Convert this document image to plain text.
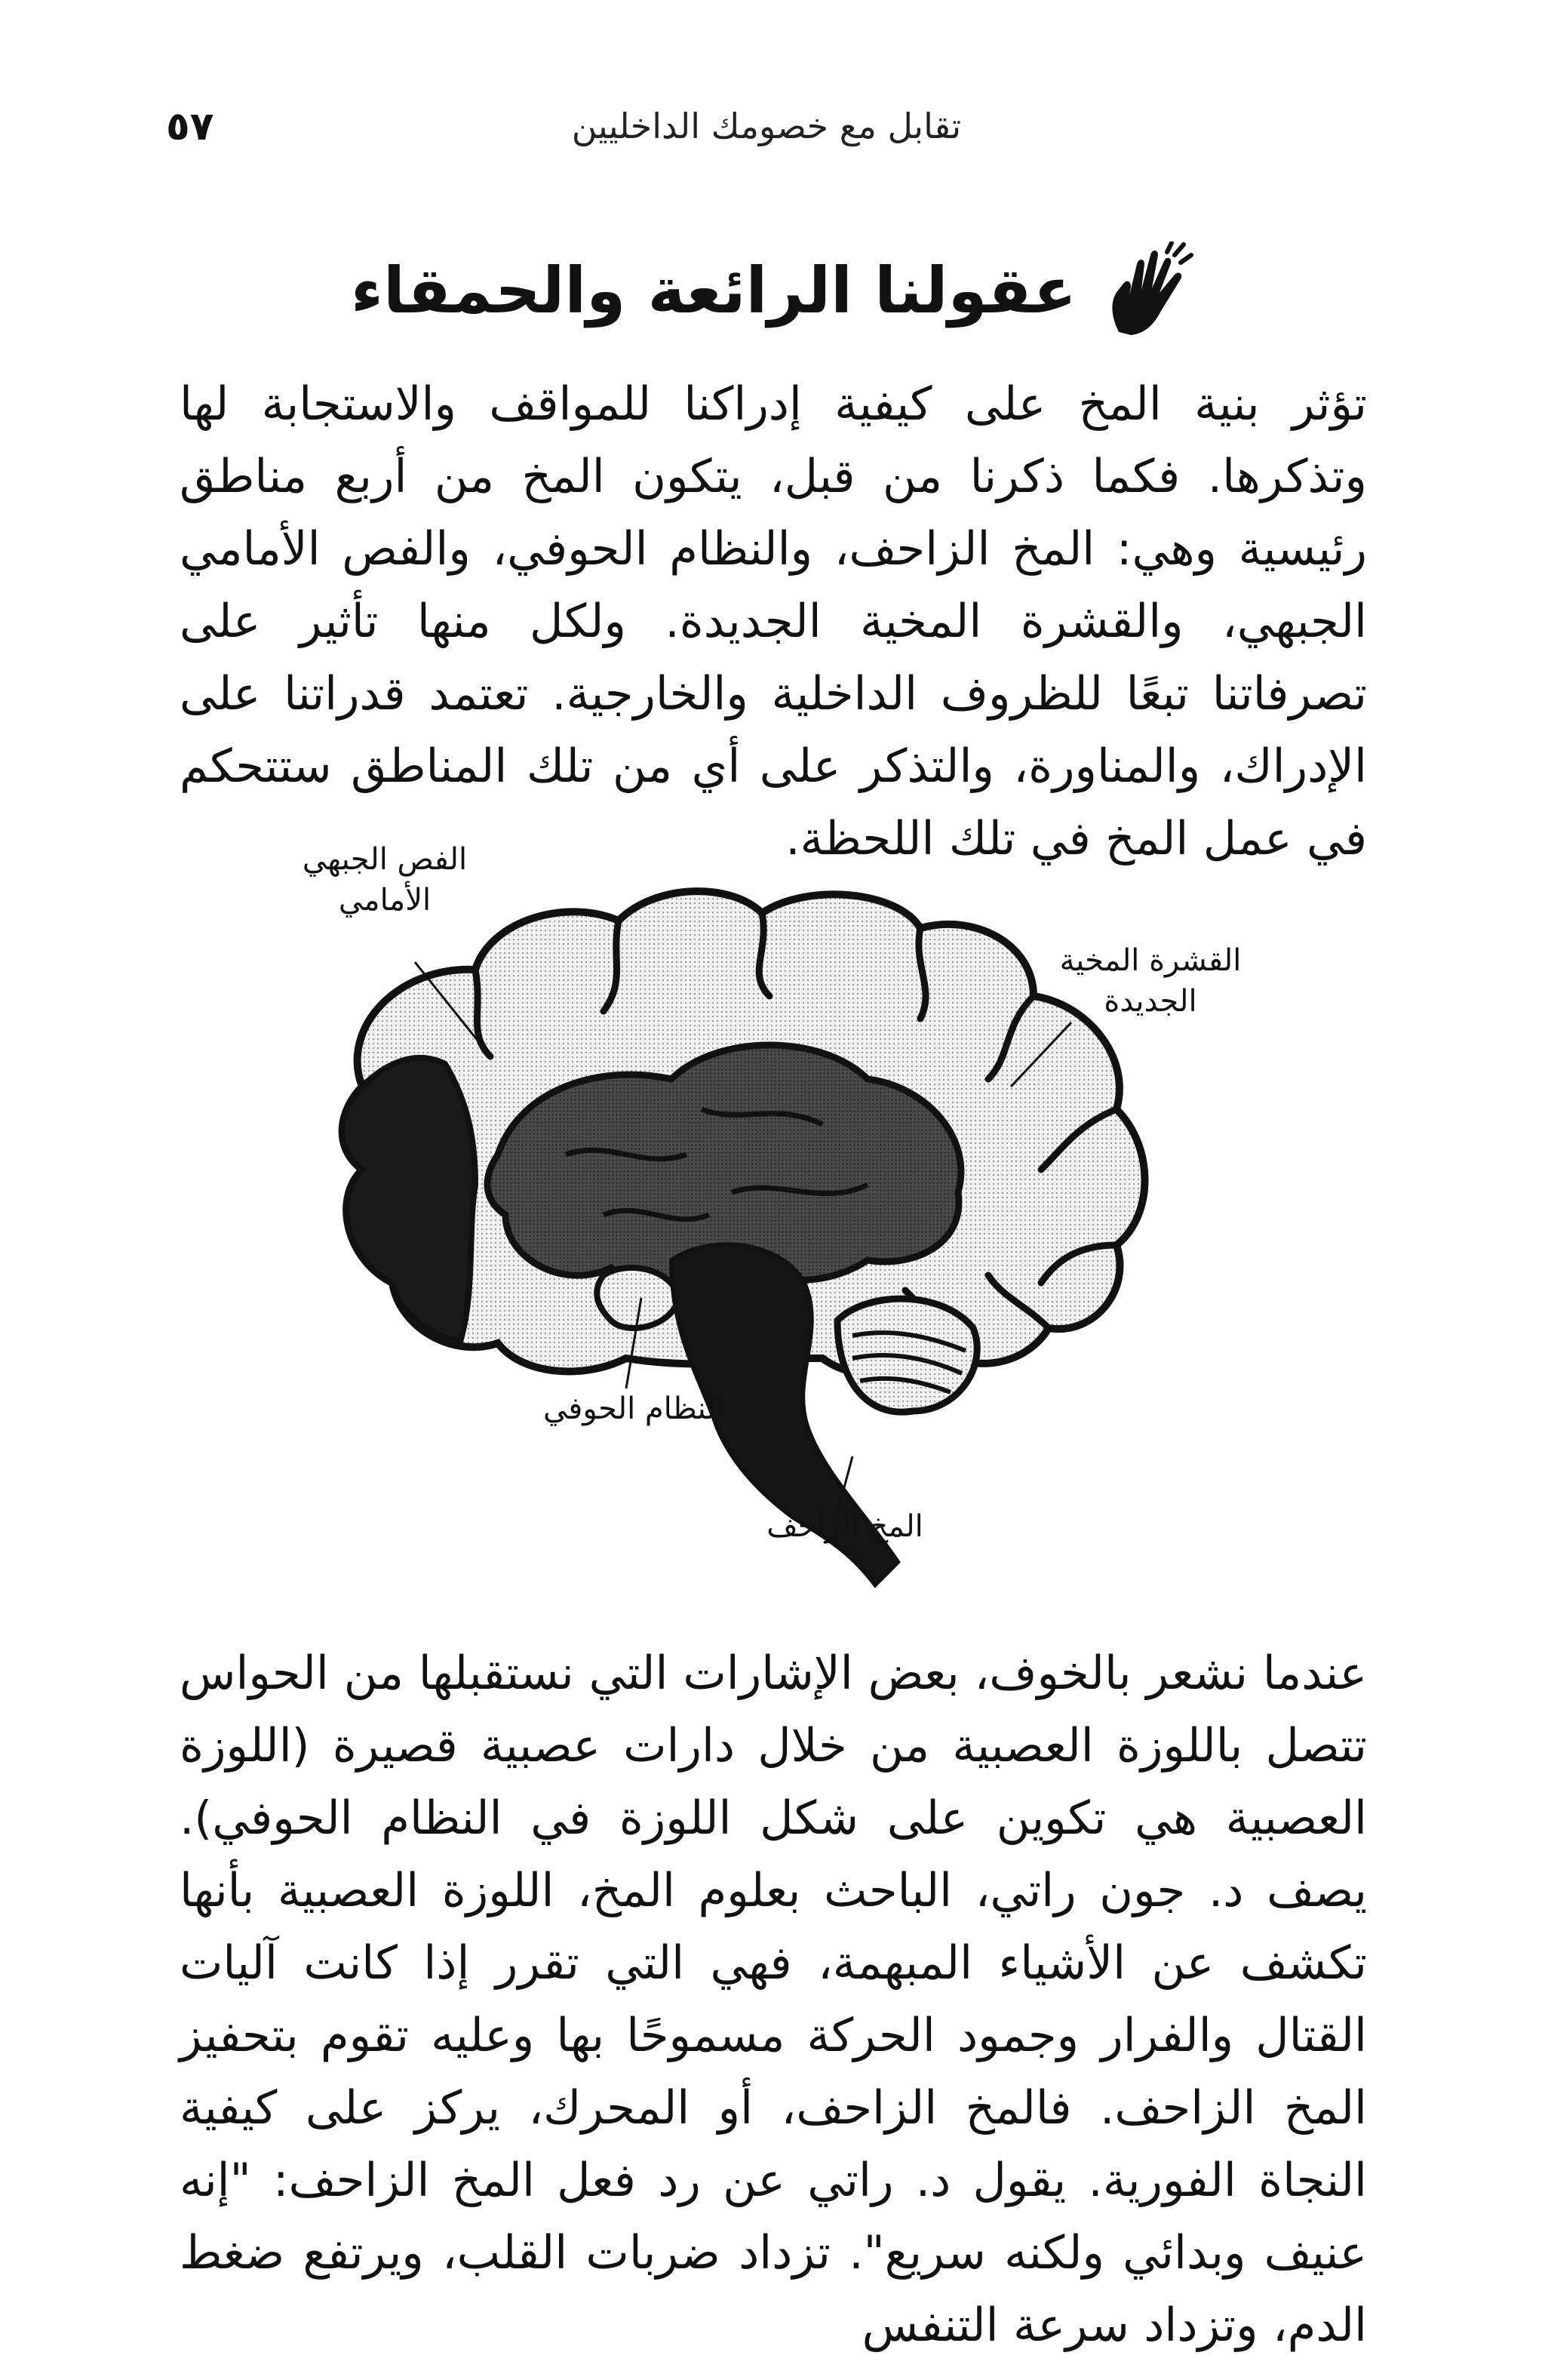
تقابل مع خصومك الداخليين
٥٧
عقولنا الرائعة والحمقاء

تؤثر بنية المخ على كيفية إدراكنا للمواقف والاستجابة لها وتذكرها. فكما ذكرنا من قبل، يتكون المخ من أربع مناطق رئيسية وهي: المخ الزاحف، والنظام الحوفي، والفص الأمامي الجبهي، والقشرة المخية الجديدة. ولكل منها تأثير على تصرفاتنا تبعًا للظروف الداخلية والخارجية. تعتمد قدراتنا على الإدراك، والمناورة، والتذكر على أي من تلك المناطق ستتحكم في عمل المخ في تلك اللحظة.

الفص الجبهي الأمامي
القشرة المخية الجديدة
النظام الحوفي
المخ الزاحف

عندما نشعر بالخوف، بعض الإشارات التي نستقبلها من الحواس تتصل باللوزة العصبية من خلال دارات عصبية قصيرة (اللوزة العصبية هي تكوين على شكل اللوزة في النظام الحوفي). يصف د. جون راتي، الباحث بعلوم المخ، اللوزة العصبية بأنها تكشف عن الأشياء المبهمة، فهي التي تقرر إذا كانت آليات القتال والفرار وجمود الحركة مسموحًا بها وعليه تقوم بتحفيز المخ الزاحف. فالمخ الزاحف، أو المحرك، يركز على كيفية النجاة الفورية. يقول د. راتي عن رد فعل المخ الزاحف: "إنه عنيف وبدائي ولكنه سريع". تزداد ضربات القلب، ويرتفع ضغط الدم، وتزداد سرعة التنفس
